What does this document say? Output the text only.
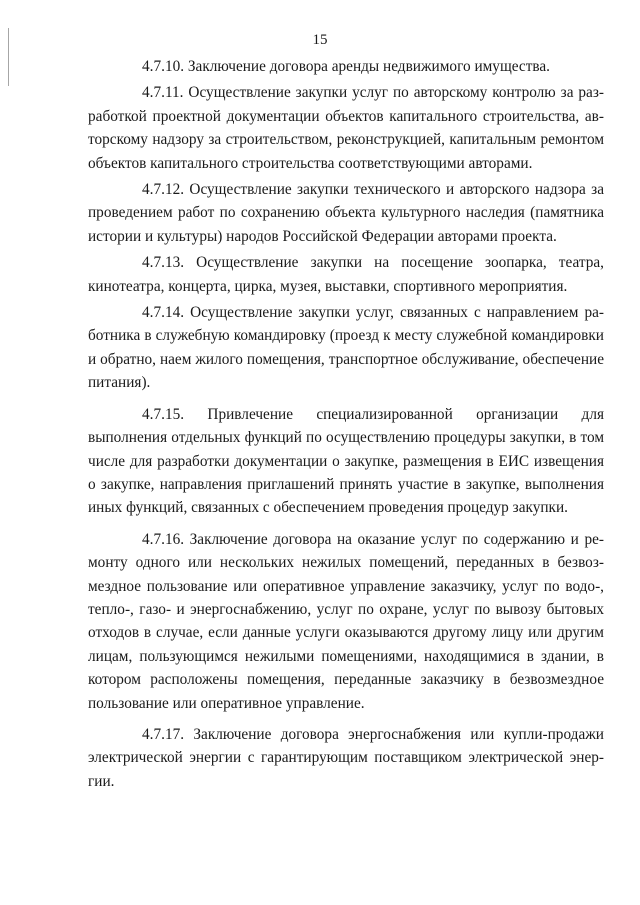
15

4.7.10. Заключение договора аренды недвижимого имущества.

4.7.11. Осуществление закупки услуг по авторскому контролю за разработкой проектной документации объектов капитального строительства, авторскому надзору за строительством, реконструкцией, капитальным ремонтом объектов капитального строительства соответствующими авторами.

4.7.12. Осуществление закупки технического и авторского надзора за проведением работ по сохранению объекта культурного наследия (памятника истории и культуры) народов Российской Федерации авторами проекта.

4.7.13. Осуществление закупки на посещение зоопарка, театра, кинотеатра, концерта, цирка, музея, выставки, спортивного мероприятия.

4.7.14. Осуществление закупки услуг, связанных с направлением работника в служебную командировку (проезд к месту служебной командировки и обратно, наем жилого помещения, транспортное обслуживание, обеспечение питания).

4.7.15. Привлечение специализированной организации для выполнения отдельных функций по осуществлению процедуры закупки, в том числе для разработки документации о закупке, размещения в ЕИС извещения о закупке, направления приглашений принять участие в закупке, выполнения иных функций, связанных с обеспечением проведения процедур закупки.

4.7.16. Заключение договора на оказание услуг по содержанию и ремонту одного или нескольких нежилых помещений, переданных в безвозмездное пользование или оперативное управление заказчику, услуг по водо-, тепло-, газо- и энергоснабжению, услуг по охране, услуг по вывозу бытовых отходов в случае, если данные услуги оказываются другому лицу или другим лицам, пользующимся нежилыми помещениями, находящимися в здании, в котором расположены помещения, переданные заказчику в безвозмездное пользование или оперативное управление.

4.7.17. Заключение договора энергоснабжения или купли-продажи электрической энергии с гарантирующим поставщиком электрической энергии.
